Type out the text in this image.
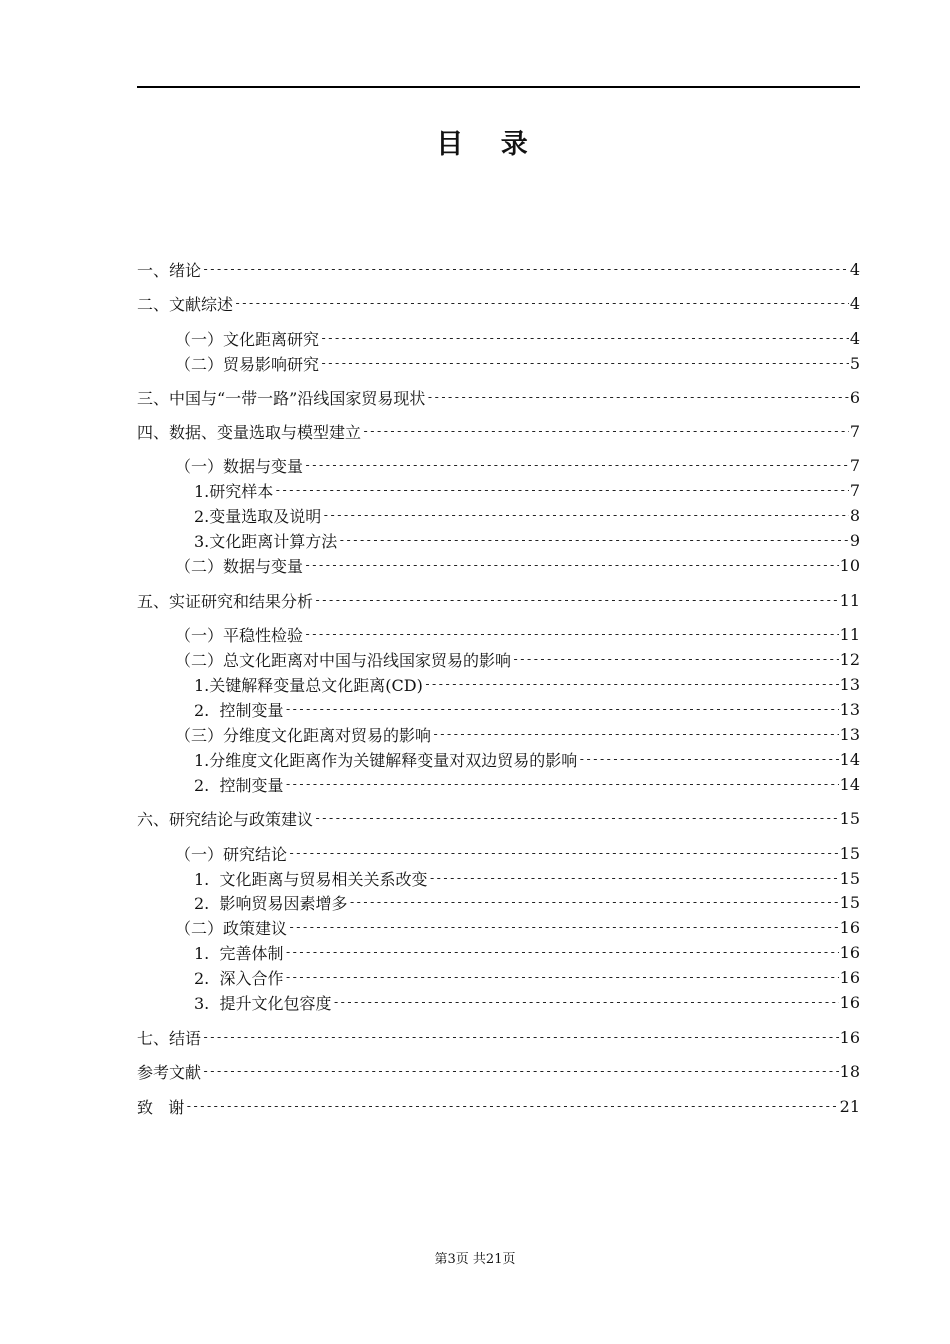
目 录
一、绪论 -----	4
二、文献综述 -----	4
（一）文化距离研究 -----	4
（二）贸易影响研究 -----	5
三、中国与“一带一路”沿线国家贸易现状 -----	6
四、数据、变量选取与模型建立 -----	7
（一）数据与变量 -----	7
1.研究样本 -----	7
2.变量选取及说明 -----	8
3.文化距离计算方法 -----	9
（二）数据与变量 -----	10
五、实证研究和结果分析 -----	11
（一）平稳性检验 -----	11
（二）总文化距离对中国与沿线国家贸易的影响 -----	12
1.关键解释变量总文化距离(CD) -----	13
2.  控制变量 -----	13
（三）分维度文化距离对贸易的影响 -----	13
1.分维度文化距离作为关键解释变量对双边贸易的影响 -----	14
2.  控制变量 -----	14
六、研究结论与政策建议 -----	15
（一）研究结论 -----	15
1.  文化距离与贸易相关关系改变 -----	15
2.  影响贸易因素增多 -----	15
（二）政策建议 -----	16
1.  完善体制 -----	16
2.  深入合作 -----	16
3.  提升文化包容度 -----	16
七、结语 -----	16
参考文献 -----	18
致   谢 -----	21
第3页 共21页
